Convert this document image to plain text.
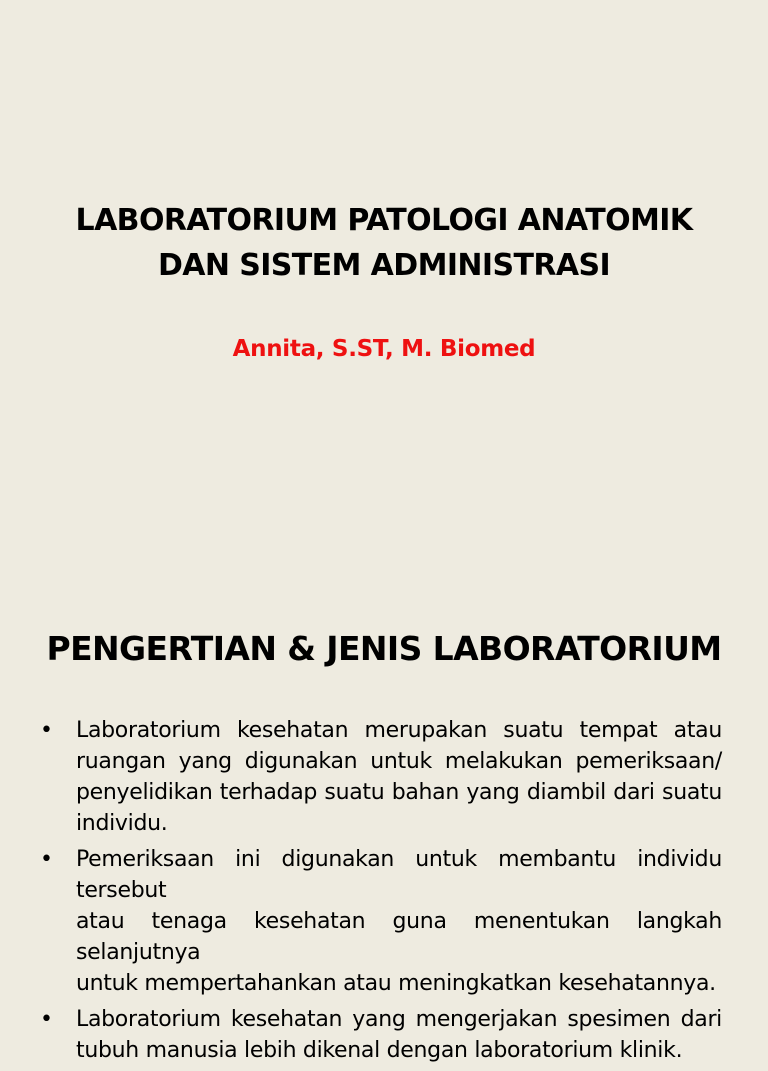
LABORATORIUM PATOLOGI ANATOMIK
DAN SISTEM ADMINISTRASI
Annita, S.ST, M. Biomed
PENGERTIAN & JENIS LABORATORIUM
• Laboratorium kesehatan merupakan suatu tempat atau
ruangan yang digunakan untuk melakukan pemeriksaan/
penyelidikan terhadap suatu bahan yang diambil dari suatu
individu.
• Pemeriksaan ini digunakan untuk membantu individu
tersebut
atau tenaga kesehatan guna menentukan langkah selanjutnya
untuk mempertahankan atau meningkatkan kesehatannya.
• Laboratorium kesehatan yang mengerjakan spesimen dari
tubuh manusia lebih dikenal dengan laboratorium klinik.
